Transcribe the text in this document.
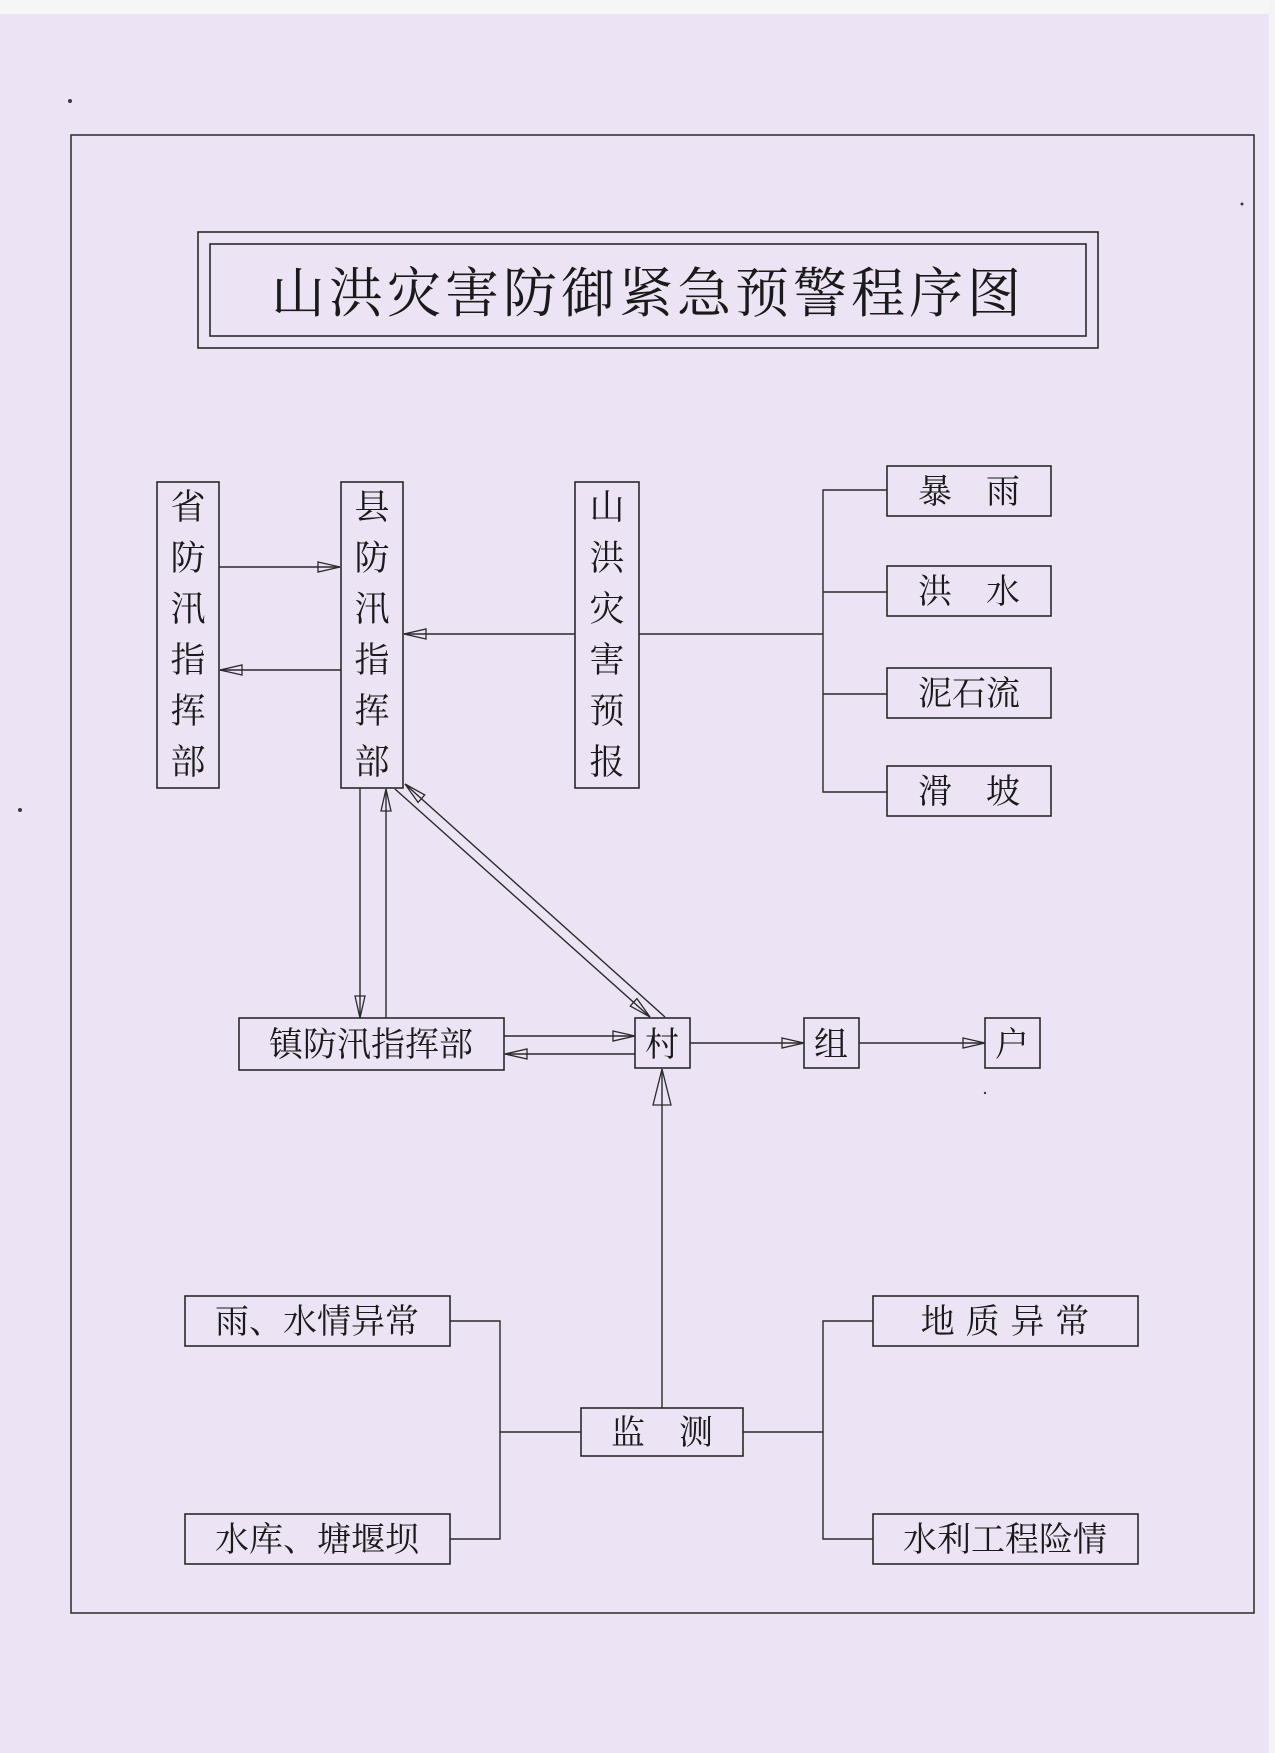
山洪灾害防御紧急预警程序图
省
防
汛
指
挥
部
县
防
汛
指
挥
部
山
洪
灾
害
预
报
暴　雨
洪　水
泥石流
滑　坡
镇防汛指挥部	村	组	户
监　测
雨、水情异常
水库、塘堰坝
地 质 异 常
水利工程险情
